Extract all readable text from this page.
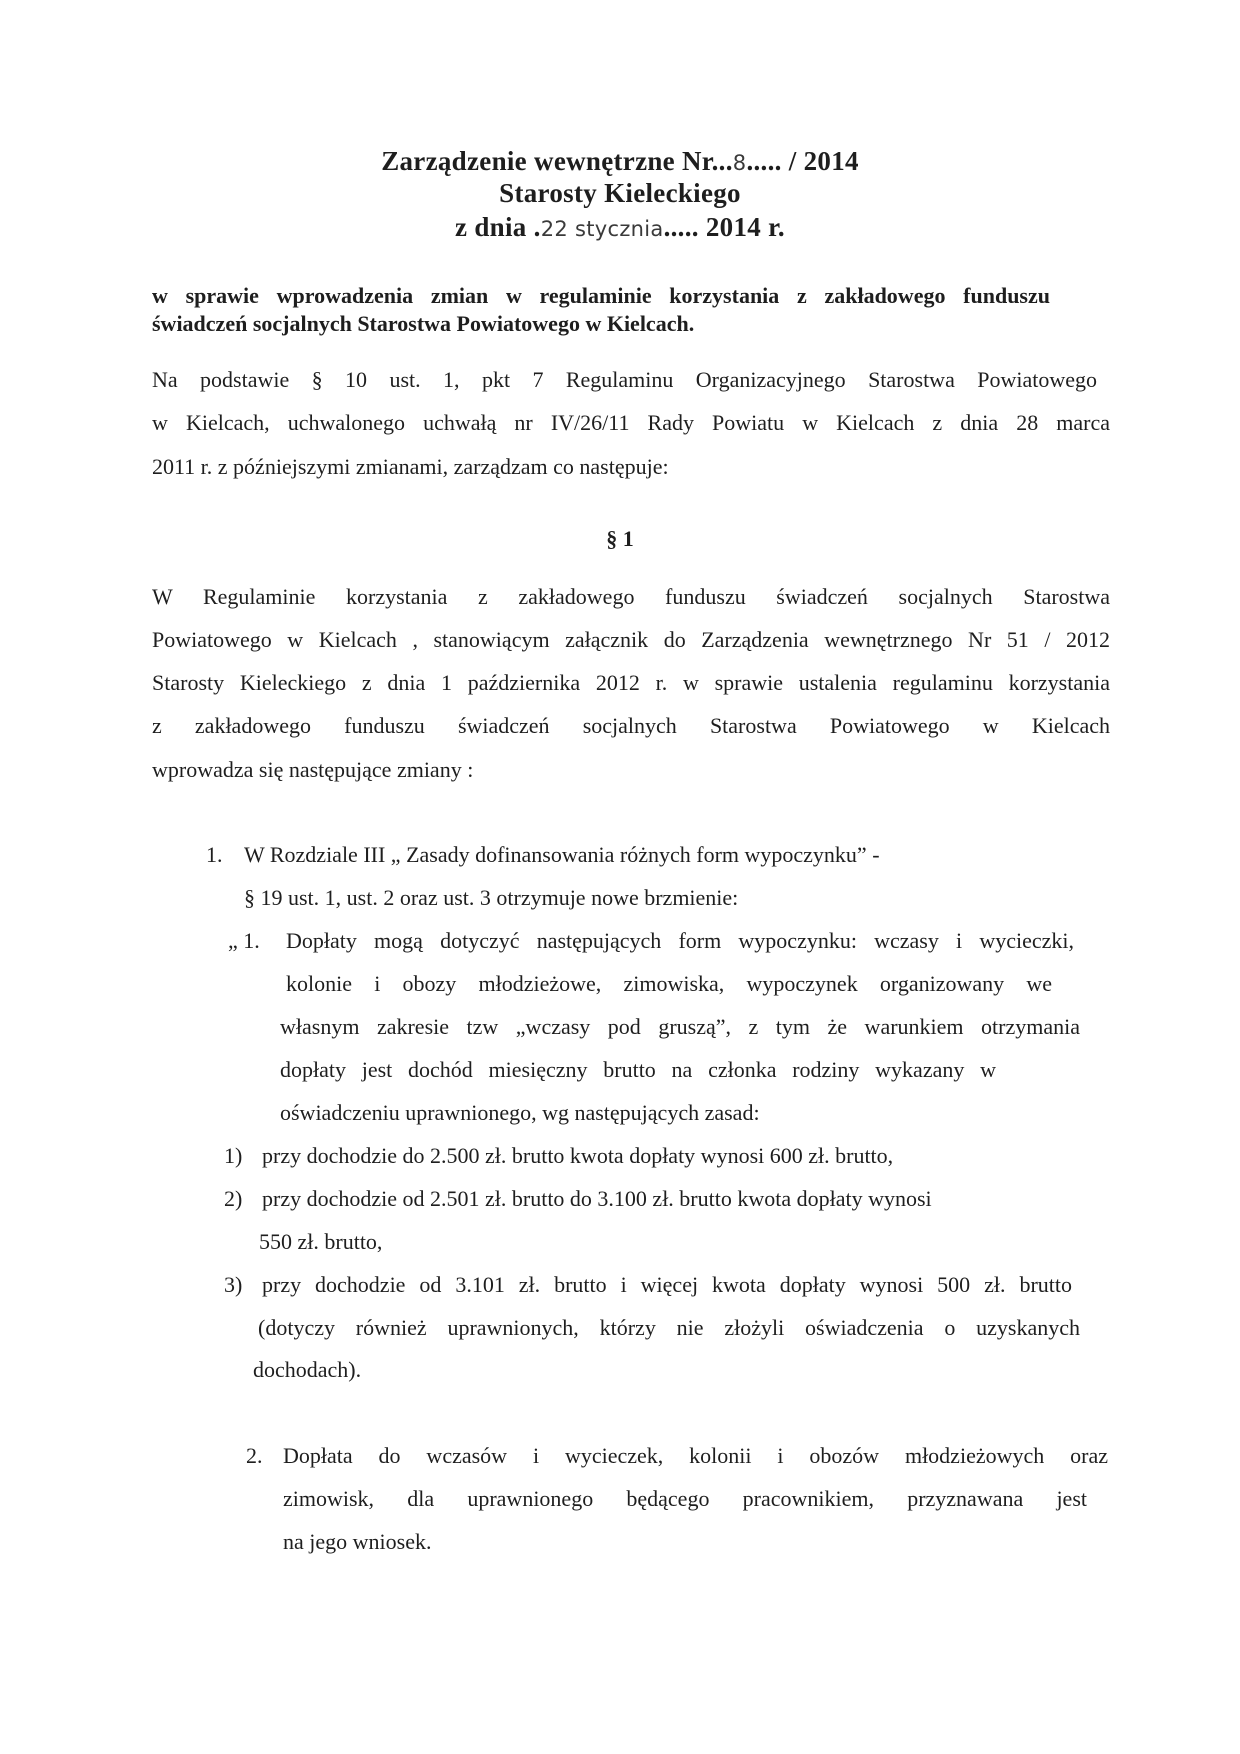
Zarządzenie wewnętrzne Nr...8..... / 2014
Starosty Kieleckiego
z dnia .22 stycznia..... 2014 r.
w sprawie wprowadzenia zmian w regulaminie korzystania z zakładowego funduszu
świadczeń socjalnych Starostwa Powiatowego w Kielcach.
Na podstawie § 10 ust. 1, pkt 7 Regulaminu Organizacyjnego Starostwa Powiatowego
w Kielcach, uchwalonego uchwałą nr IV/26/11 Rady Powiatu w Kielcach z dnia 28 marca
2011 r. z późniejszymi zmianami, zarządzam co następuje:
§ 1
W Regulaminie korzystania z zakładowego funduszu świadczeń socjalnych Starostwa
Powiatowego w Kielcach , stanowiącym załącznik do Zarządzenia wewnętrznego Nr 51 / 2012
Starosty Kieleckiego z dnia 1 października 2012 r. w sprawie ustalenia regulaminu korzystania
z zakładowego funduszu świadczeń socjalnych Starostwa Powiatowego w Kielcach
wprowadza się następujące zmiany :
1. W Rozdziale III „ Zasady dofinansowania różnych form wypoczynku” -
§ 19 ust. 1, ust. 2 oraz ust. 3 otrzymuje nowe brzmienie:
„ 1. Dopłaty mogą dotyczyć następujących form wypoczynku: wczasy i wycieczki,
kolonie i obozy młodzieżowe, zimowiska, wypoczynek organizowany we
własnym zakresie tzw „wczasy pod gruszą”, z tym że warunkiem otrzymania
dopłaty jest dochód miesięczny brutto na członka rodziny wykazany w
oświadczeniu uprawnionego, wg następujących zasad:
1) przy dochodzie do 2.500 zł. brutto kwota dopłaty wynosi 600 zł. brutto,
2) przy dochodzie od 2.501 zł. brutto do 3.100 zł. brutto kwota dopłaty wynosi
550 zł. brutto,
3) przy dochodzie od 3.101 zł. brutto i więcej kwota dopłaty wynosi 500 zł. brutto
(dotyczy również uprawnionych, którzy nie złożyli oświadczenia o uzyskanych
dochodach).
2. Dopłata do wczasów i wycieczek, kolonii i obozów młodzieżowych oraz
zimowisk, dla uprawnionego będącego pracownikiem, przyznawana jest
na jego wniosek.
